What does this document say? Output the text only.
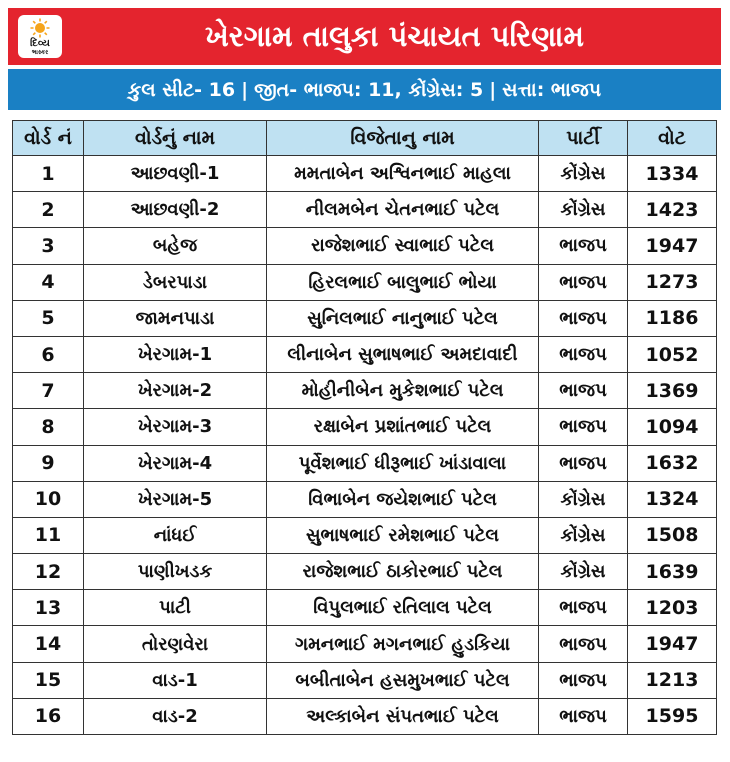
દિવ્ય
ભાસ્કર	ખેરગામ તાલુકા પંચાયત પરિણામ
કુલ સીટ- 16 | જીત- ભાજપ: 11, કોંગ્રેસ: 5 | સત્તા: ભાજપ
વોર્ડ નં	વોર્ડનું નામ	વિજેતાનુ નામ	પાર્ટી	વોટ
1	આછવણી-1	મમતાબેન અશ્વિનભાઈ માહલા	કોંગ્રેસ	1334
2	આછવણી-2	નીલમબેન ચેતનભાઈ પટેલ	કોંગ્રેસ	1423
3	બહેજ	રાજેશભાઈ સ્વાભાઈ પટેલ	ભાજપ	1947
4	ડેબરપાડા	હિરલભાઈ બાલુભાઈ ભોયા	ભાજપ	1273
5	જામનપાડા	સુનિલભાઈ નાનુભાઈ પટેલ	ભાજપ	1186
6	ખેરગામ-1	લીનાબેન સુભાષભાઈ અમદાવાદી	ભાજપ	1052
7	ખેરગામ-2	મોહીનીબેન મુકેશભાઈ પટેલ	ભાજપ	1369
8	ખેરગામ-3	રક્ષાબેન પ્રશાંતભાઈ પટેલ	ભાજપ	1094
9	ખેરગામ-4	પૂર્વેશભાઈ ધીરૂભાઈ ખાંડાવાલા	ભાજપ	1632
10	ખેરગામ-5	વિભાબેન જયેશભાઈ પટેલ	કોંગ્રેસ	1324
11	નાંધઈ	સુભાષભાઈ રમેશભાઈ પટેલ	કોંગ્રેસ	1508
12	પાણીખડક	રાજેશભાઈ ઠાકોરભાઈ પટેલ	કોંગ્રેસ	1639
13	પાટી	વિપુલભાઈ રતિલાલ પટેલ	ભાજપ	1203
14	તોરણવેરા	ગમનભાઈ મગનભાઈ હુડકિયા	ભાજપ	1947
15	વાડ-1	બબીતાબેન હસમુખભાઈ પટેલ	ભાજપ	1213
16	વાડ-2	અલ્કાબેન સંપતભાઈ પટેલ	ભાજપ	1595
